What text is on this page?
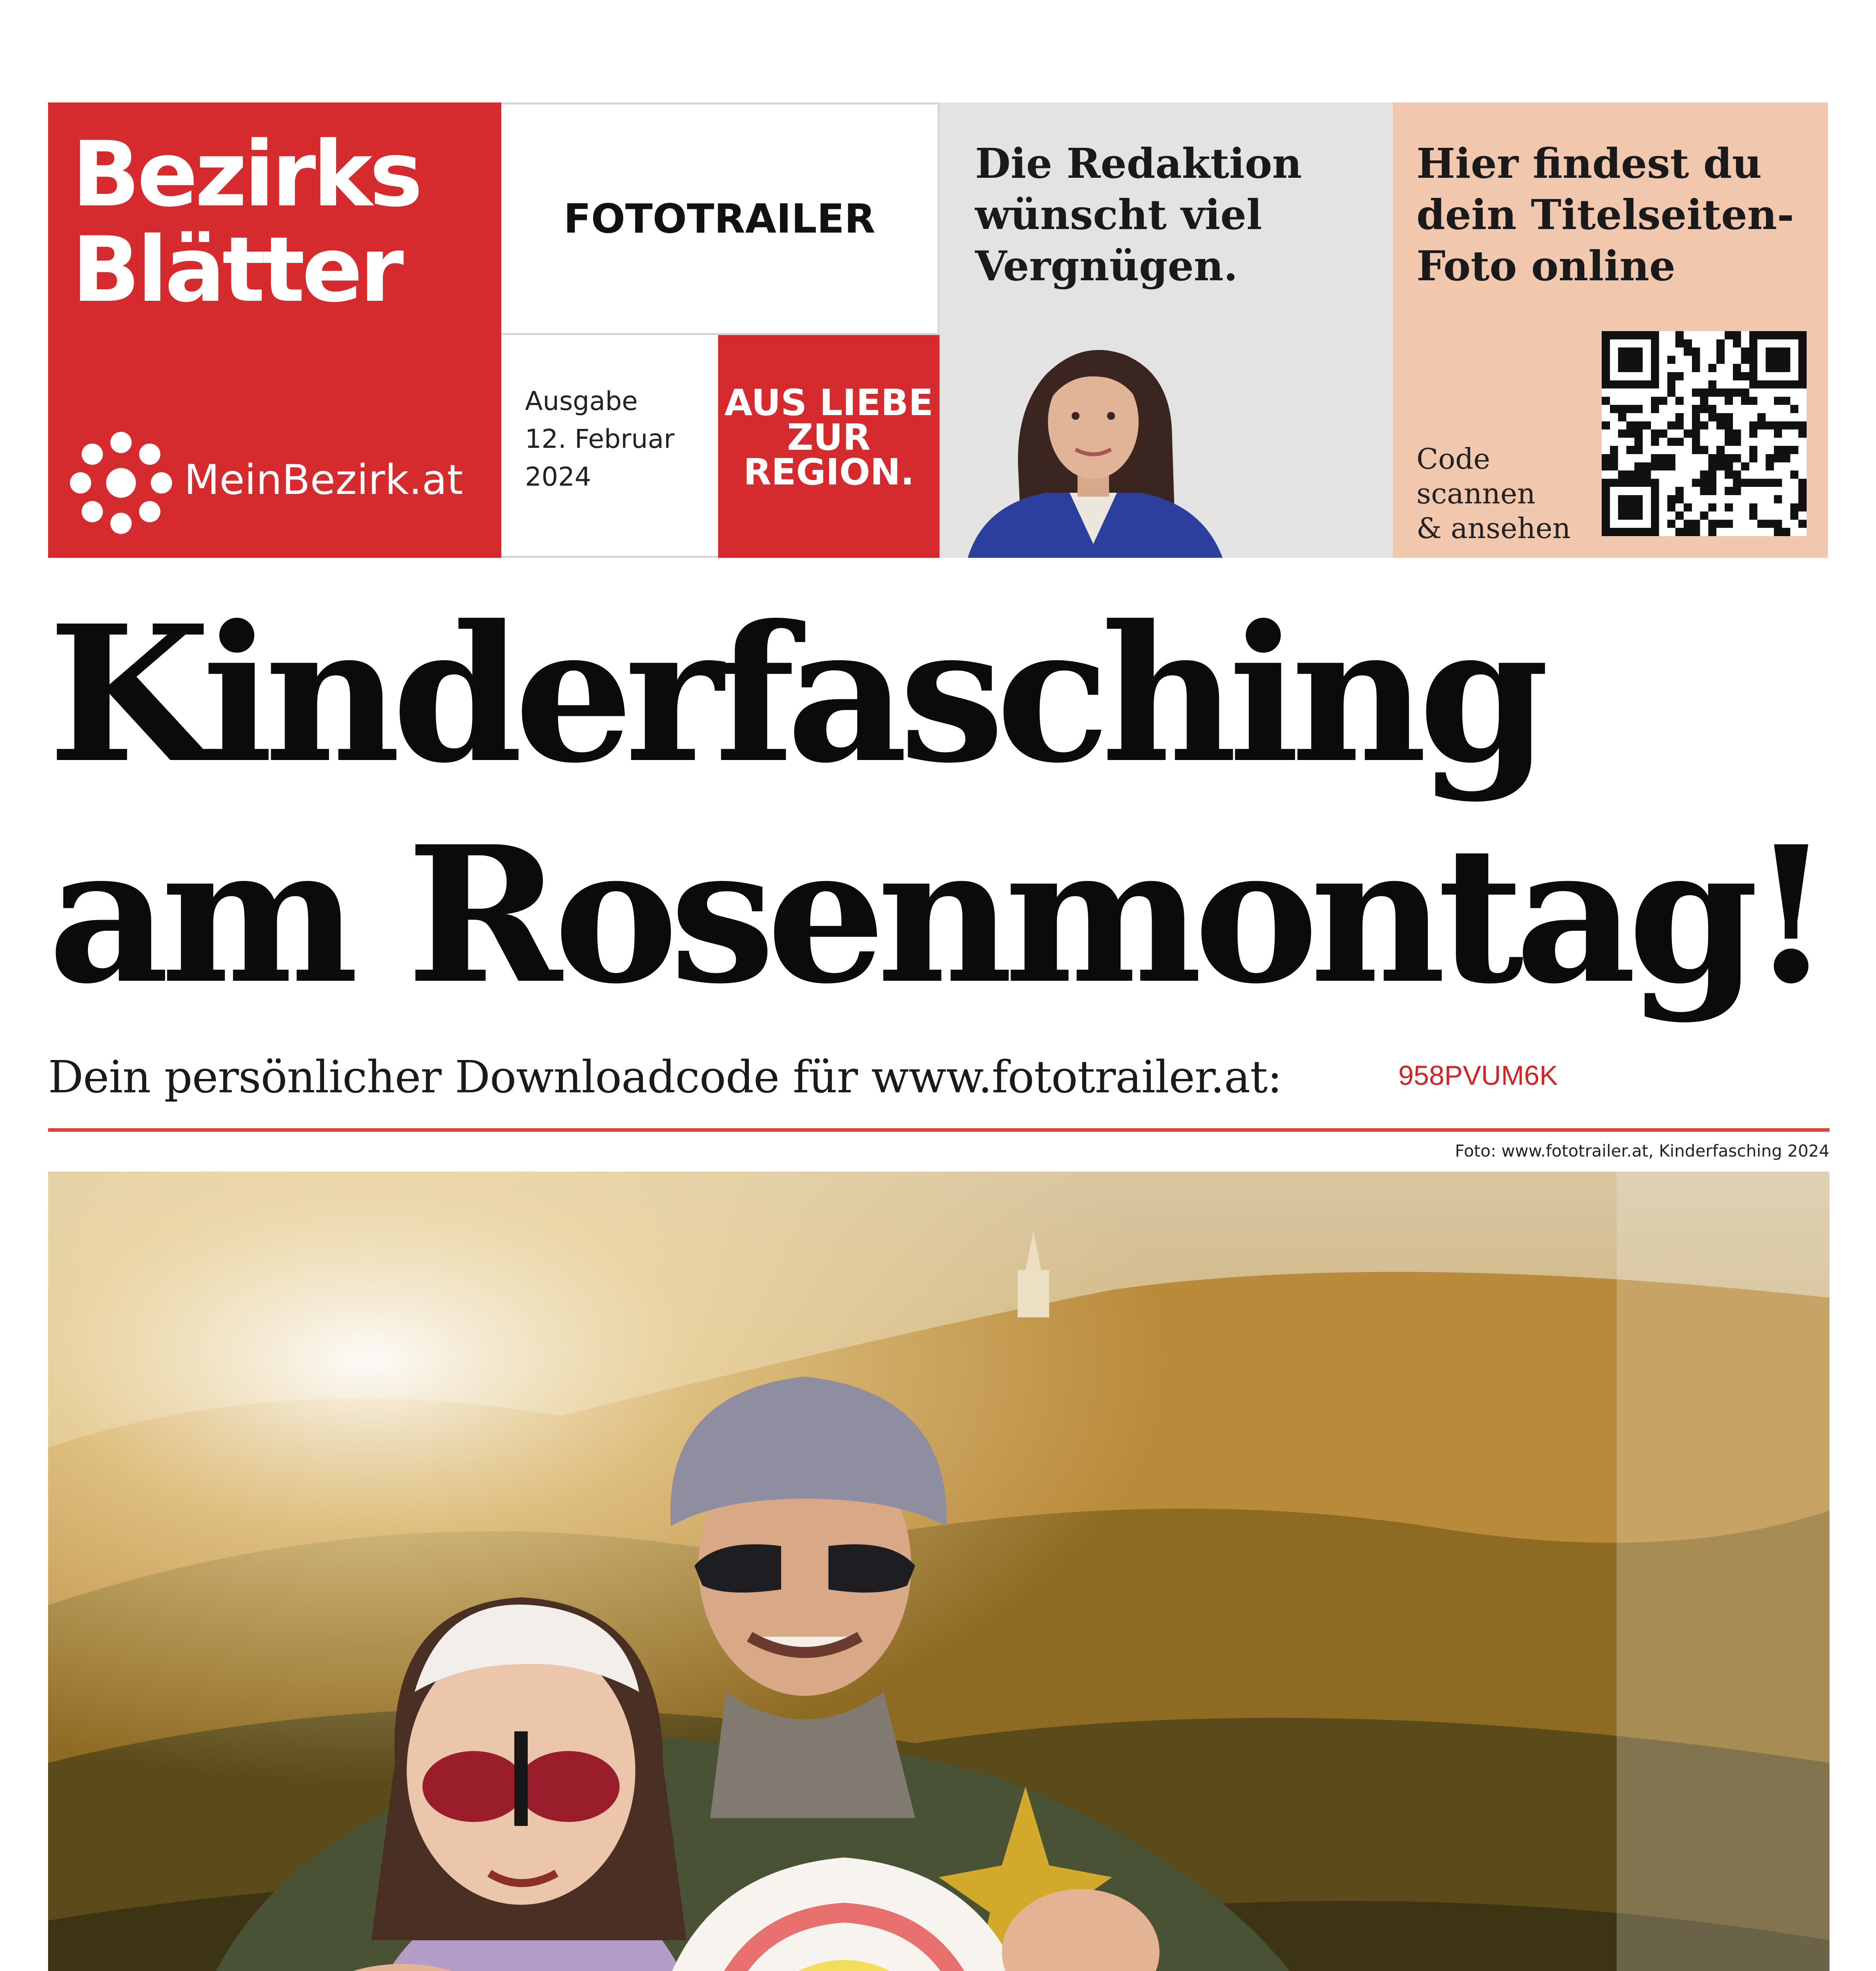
Bezirks
Blätter
MeinBezirk.at
FOTOTRAILER
Ausgabe
12. Februar
2024
AUS LIEBE
ZUR
REGION.
Die Redaktion
wünscht viel
Vergnügen.
Hier findest du
dein Titelseiten-
Foto online
Code
scannen
& ansehen
Kinderfasching
am Rosenmontag!
Dein persönlicher Downloadcode für www.fototrailer.at:	958PVUM6K
Foto: www.fototrailer.at, Kinderfasching 2024
